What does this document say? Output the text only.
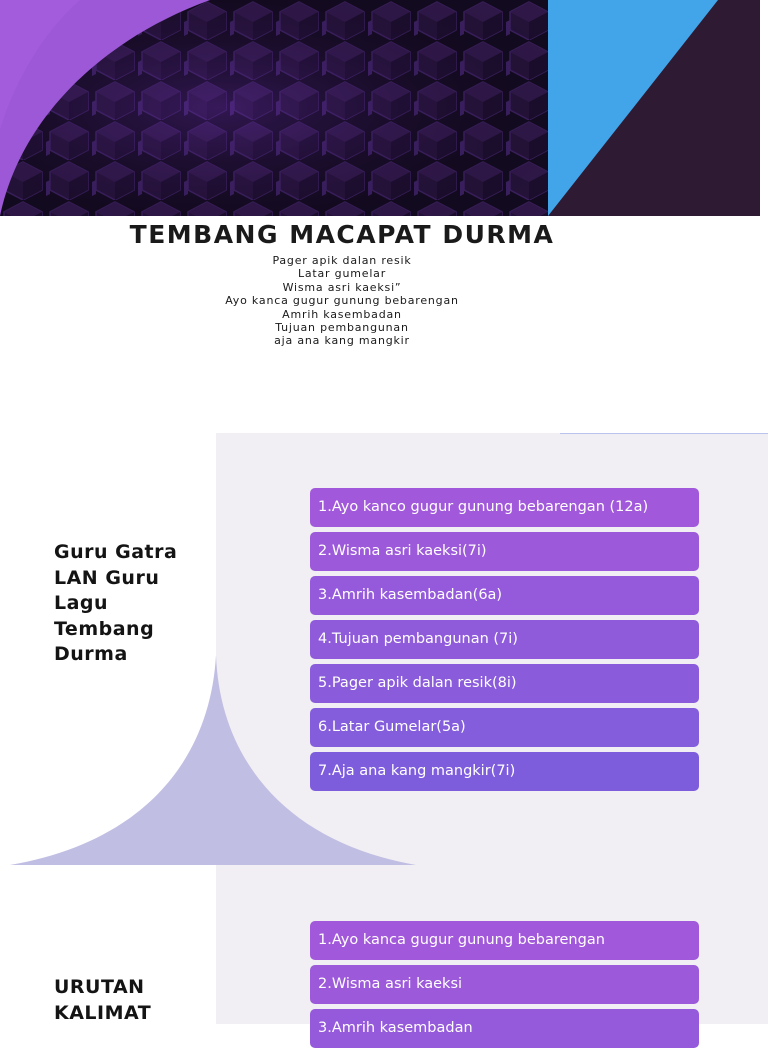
TEMBANG MACAPAT DURMA
Pager apik dalan resik
Latar gumelar
Wisma asri kaeksi”
Ayo kanca gugur gunung bebarengan
Amrih kasembadan
Tujuan pembangunan
aja ana kang mangkir
Guru Gatra
LAN Guru
Lagu
Tembang
Durma
1.Ayo kanco gugur gunung bebarengan (12a)
2.Wisma asri kaeksi(7i)
3.Amrih kasembadan(6a)
4.Tujuan pembangunan (7i)
5.Pager apik dalan resik(8i)
6.Latar Gumelar(5a)
7.Aja ana kang mangkir(7i)
URUTAN
KALIMAT
1.Ayo kanca gugur gunung bebarengan
2.Wisma asri kaeksi
3.Amrih kasembadan
